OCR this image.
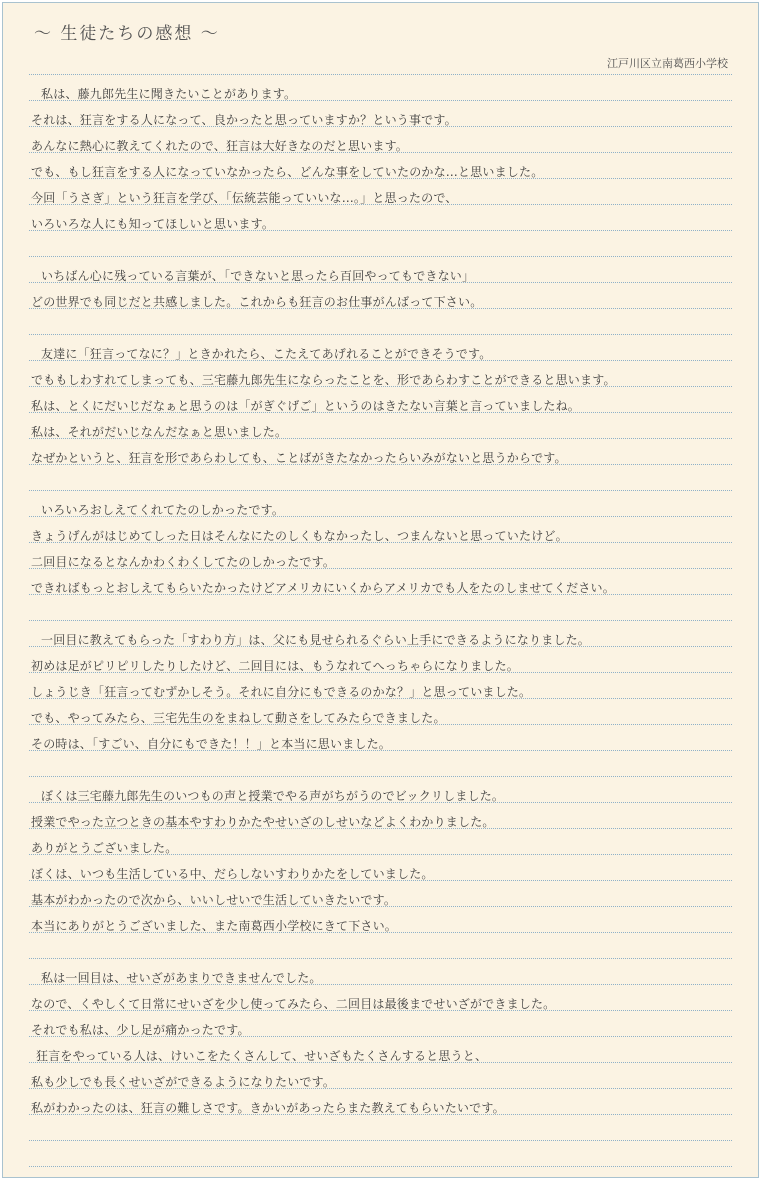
～ 生徒たちの感想 ～
江戸川区立南葛西小学校
私は、藤九郎先生に聞きたいことがあります。
それは、狂言をする人になって、良かったと思っていますか？という事です。
あんなに熱心に教えてくれたので、狂言は大好きなのだと思います。
でも、もし狂言をする人になっていなかったら、どんな事をしていたのかな…と思いました。
今回「うさぎ」という狂言を学び、「伝統芸能っていいな…。」と思ったので、
いろいろな人にも知ってほしいと思います。
いちばん心に残っている言葉が、「できないと思ったら百回やってもできない」
どの世界でも同じだと共感しました。これからも狂言のお仕事がんばって下さい。
友達に「狂言ってなに？」ときかれたら、こたえてあげれることができそうです。
でももしわすれてしまっても、三宅藤九郎先生にならったことを、形であらわすことができると思います。
私は、とくにだいじだなぁと思うのは「がぎぐげご」というのはきたない言葉と言っていましたね。
私は、それがだいじなんだなぁと思いました。
なぜかというと、狂言を形であらわしても、ことばがきたなかったらいみがないと思うからです。
いろいろおしえてくれてたのしかったです。
きょうげんがはじめてしった日はそんなにたのしくもなかったし、つまんないと思っていたけど。
二回目になるとなんかわくわくしてたのしかったです。
できればもっとおしえてもらいたかったけどアメリカにいくからアメリカでも人をたのしませてください。
一回目に教えてもらった「すわり方」は、父にも見せられるぐらい上手にできるようになりました。
初めは足がピリピリしたりしたけど、二回目には、もうなれてへっちゃらになりました。
しょうじき「狂言ってむずかしそう。それに自分にもできるのかな？」と思っていました。
でも、やってみたら、三宅先生のをまねして動さをしてみたらできました。
その時は、「すごい、自分にもできた！！」と本当に思いました。
ぼくは三宅藤九郎先生のいつもの声と授業でやる声がちがうのでビックリしました。
授業でやった立つときの基本やすわりかたやせいざのしせいなどよくわかりました。
ありがとうございました。
ぼくは、いつも生活している中、だらしないすわりかたをしていました。
基本がわかったので次から、いいしせいで生活していきたいです。
本当にありがとうございました、また南葛西小学校にきて下さい。
私は一回目は、せいざがあまりできませんでした。
なので、くやしくて日常にせいざを少し使ってみたら、二回目は最後までせいざができました。
それでも私は、少し足が痛かったです。
狂言をやっている人は、けいこをたくさんして、せいざもたくさんすると思うと、
私も少しでも長くせいざができるようになりたいです。
私がわかったのは、狂言の難しさです。きかいがあったらまた教えてもらいたいです。
